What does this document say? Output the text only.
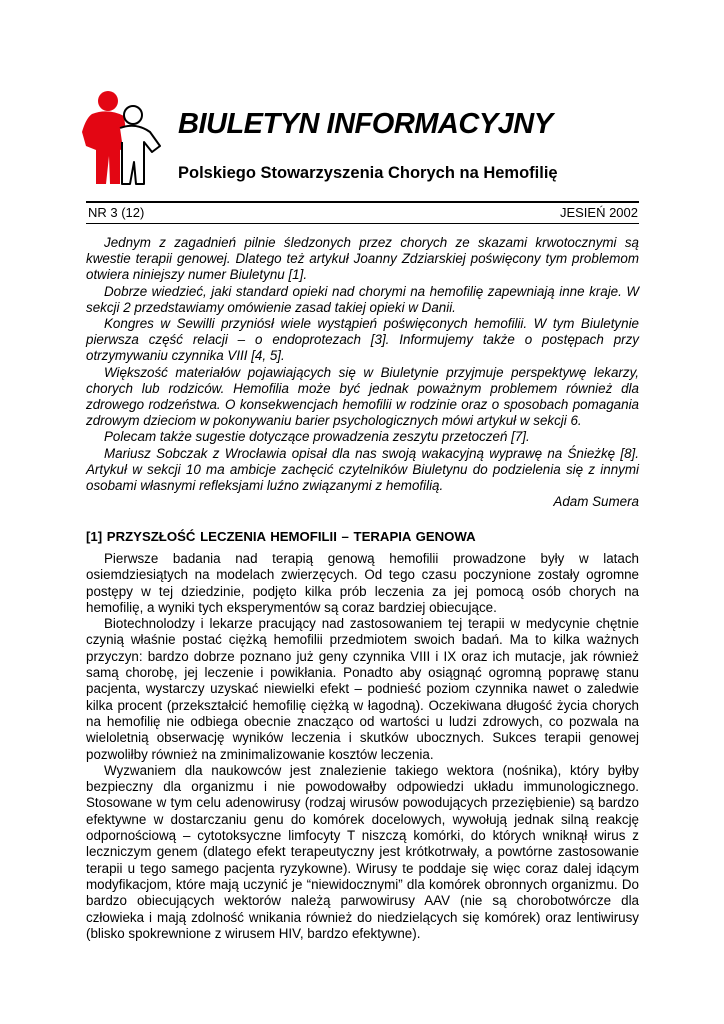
BIULETYN INFORMACYJNY
Polskiego Stowarzyszenia Chorych na Hemofilię
NR 3 (12)	JESIEŃ 2002

Jednym z zagadnień pilnie śledzonych przez chorych ze skazami krwotocznymi są kwestie terapii genowej. Dlatego też artykuł Joanny Zdziarskiej poświęcony tym problemom otwiera niniejszy numer Biuletynu [1].

Dobrze wiedzieć, jaki standard opieki nad chorymi na hemofilię zapewniają inne kraje. W sekcji 2 przedstawiamy omówienie zasad takiej opieki w Danii.

Kongres w Sewilli przyniósł wiele wystąpień poświęconych hemofilii. W tym Biuletynie pierwsza część relacji – o endoprotezach [3]. Informujemy także o postępach przy otrzymywaniu czynnika VIII [4, 5].

Większość materiałów pojawiających się w Biuletynie przyjmuje perspektywę lekarzy, chorych lub rodziców. Hemofilia może być jednak poważnym problemem również dla zdrowego rodzeństwa. O konsekwencjach hemofilii w rodzinie oraz o sposobach pomagania zdrowym dzieciom w pokonywaniu barier psychologicznych mówi artykuł w sekcji 6.

Polecam także sugestie dotyczące prowadzenia zeszytu przetoczeń [7].

Mariusz Sobczak z Wrocławia opisał dla nas swoją wakacyjną wyprawę na Śnieżkę [8]. Artykuł w sekcji 10 ma ambicje zachęcić czytelników Biuletynu do podzielenia się z innymi osobami własnymi refleksjami luźno związanymi z hemofilią.

Adam Sumera
[1] PRZYSZŁOŚĆ LECZENIA HEMOFILII – TERAPIA GENOWA

Pierwsze badania nad terapią genową hemofilii prowadzone były w latach osiemdziesiątych na modelach zwierzęcych. Od tego czasu poczynione zostały ogromne postępy w tej dziedzinie, podjęto kilka prób leczenia za jej pomocą osób chorych na hemofilię, a wyniki tych eksperymentów są coraz bardziej obiecujące.

Biotechnolodzy i lekarze pracujący nad zastosowaniem tej terapii w medycynie chętnie czynią właśnie postać ciężką hemofilii przedmiotem swoich badań. Ma to kilka ważnych przyczyn: bardzo dobrze poznano już geny czynnika VIII i IX oraz ich mutacje, jak również samą chorobę, jej leczenie i powikłania. Ponadto aby osiągnąć ogromną poprawę stanu pacjenta, wystarczy uzyskać niewielki efekt – podnieść poziom czynnika nawet o zaledwie kilka procent (przekształcić hemofilię ciężką w łagodną). Oczekiwana długość życia chorych na hemofilię nie odbiega obecnie znacząco od wartości u ludzi zdrowych, co pozwala na wieloletnią obserwację wyników leczenia i skutków ubocznych. Sukces terapii genowej pozwoliłby również na zminimalizowanie kosztów leczenia.

Wyzwaniem dla naukowców jest znalezienie takiego wektora (nośnika), który byłby bezpieczny dla organizmu i nie powodowałby odpowiedzi układu immunologicznego. Stosowane w tym celu adenowirusy (rodzaj wirusów powodujących przeziębienie) są bardzo efektywne w dostarczaniu genu do komórek docelowych, wywołują jednak silną reakcję odpornościową – cytotoksyczne limfocyty T niszczą komórki, do których wniknął wirus z leczniczym genem (dlatego efekt terapeutyczny jest krótkotrwały, a powtórne zastosowanie terapii u tego samego pacjenta ryzykowne). Wirusy te poddaje się więc coraz dalej idącym modyfikacjom, które mają uczynić je “niewidocznymi” dla komórek obronnych organizmu. Do bardzo obiecujących wektorów należą parwowirusy AAV (nie są chorobotwórcze dla człowieka i mają zdolność wnikania również do niedzielących się komórek) oraz lentiwirusy (blisko spokrewnione z wirusem HIV, bardzo efektywne).
